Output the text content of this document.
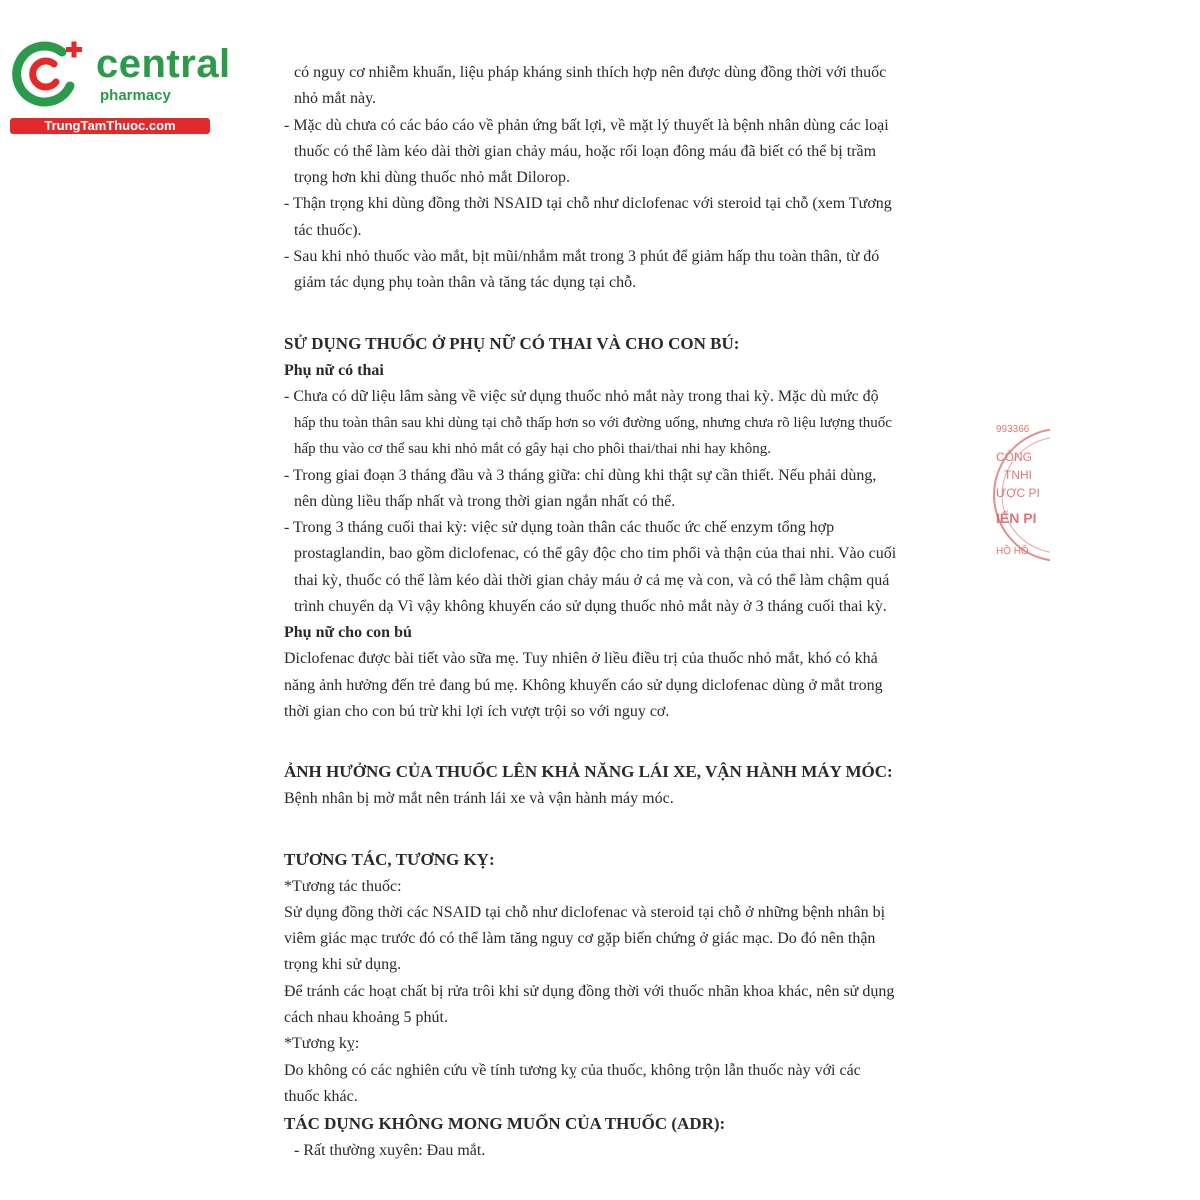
central
pharmacy
TrungTamThuoc.com
993366
CÔNG
TNHI
ƯỢC PI
IẾN PI
HỒ HỒ

có nguy cơ nhiễm khuẩn, liệu pháp kháng sinh thích hợp nên được dùng đồng thời với thuốc

nhỏ mắt này.

- Mặc dù chưa có các báo cáo về phản ứng bất lợi, về mặt lý thuyết là bệnh nhân dùng các loại

thuốc có thể làm kéo dài thời gian chảy máu, hoặc rối loạn đông máu đã biết có thể bị trầm

trọng hơn khi dùng thuốc nhỏ mắt Dilorop.

- Thận trọng khi dùng đồng thời NSAID tại chỗ như diclofenac với steroid tại chỗ (xem Tương

tác thuốc).

- Sau khi nhỏ thuốc vào mắt, bịt mũi/nhắm mắt trong 3 phút để giảm hấp thu toàn thân, từ đó

giảm tác dụng phụ toàn thân và tăng tác dụng tại chỗ.

SỬ DỤNG THUỐC Ở PHỤ NỮ CÓ THAI VÀ CHO CON BÚ:

Phụ nữ có thai

- Chưa có dữ liệu lâm sàng về việc sử dụng thuốc nhỏ mắt này trong thai kỳ. Mặc dù mức độ

hấp thu toàn thân sau khi dùng tại chỗ thấp hơn so với đường uống, nhưng chưa rõ liệu lượng thuốc

hấp thu vào cơ thể sau khi nhỏ mắt có gây hại cho phôi thai/thai nhi hay không.

- Trong giai đoạn 3 tháng đầu và 3 tháng giữa: chỉ dùng khi thật sự cần thiết. Nếu phải dùng,

nên dùng liều thấp nhất và trong thời gian ngắn nhất có thể.

- Trong 3 tháng cuối thai kỳ: việc sử dụng toàn thân các thuốc ức chế enzym tổng hợp

prostaglandin, bao gồm diclofenac, có thể gây độc cho tim phổi và thận của thai nhi. Vào cuối

thai kỳ, thuốc có thể làm kéo dài thời gian chảy máu ở cả mẹ và con, và có thể làm chậm quá

trình chuyển dạ Vì vậy không khuyến cáo sử dụng thuốc nhỏ mắt này ở 3 tháng cuối thai kỳ.

Phụ nữ cho con bú

Diclofenac được bài tiết vào sữa mẹ. Tuy nhiên ở liều điều trị của thuốc nhỏ mắt, khó có khả

năng ảnh hưởng đến trẻ đang bú mẹ. Không khuyến cáo sử dụng diclofenac dùng ở mắt trong

thời gian cho con bú trừ khi lợi ích vượt trội so với nguy cơ.

ẢNH HƯỞNG CỦA THUỐC LÊN KHẢ NĂNG LÁI XE, VẬN HÀNH MÁY MÓC:

Bệnh nhân bị mờ mắt nên tránh lái xe và vận hành máy móc.

TƯƠNG TÁC, TƯƠNG KỴ:

*Tương tác thuốc:

Sử dụng đồng thời các NSAID tại chỗ như diclofenac và steroid tại chỗ ở những bệnh nhân bị

viêm giác mạc trước đó có thể làm tăng nguy cơ gặp biến chứng ở giác mạc. Do đó nên thận

trọng khi sử dụng.

Để tránh các hoạt chất bị rửa trôi khi sử dụng đồng thời với thuốc nhãn khoa khác, nên sử dụng

cách nhau khoảng 5 phút.

*Tương kỵ:

Do không có các nghiên cứu về tính tương kỵ của thuốc, không trộn lẫn thuốc này với các

thuốc khác.

TÁC DỤNG KHÔNG MONG MUỐN CỦA THUỐC (ADR):

- Rất thường xuyên: Đau mắt.
